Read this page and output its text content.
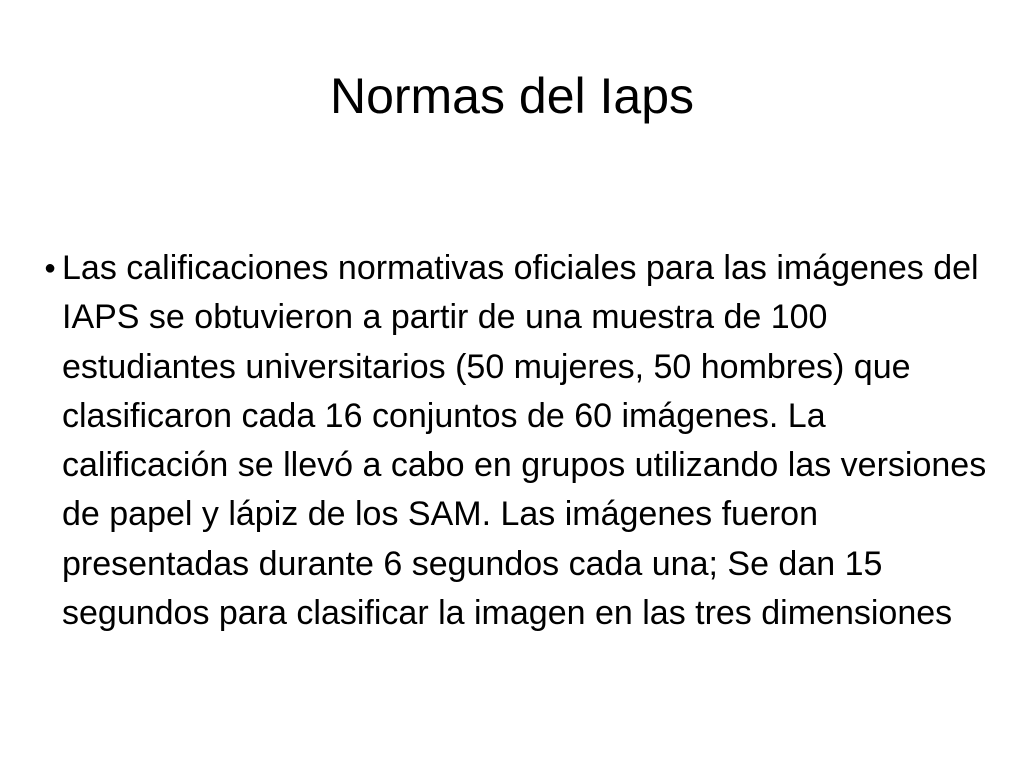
Normas del Iaps
● Las calificaciones normativas oficiales para las imágenes del IAPS se obtuvieron a partir de una muestra de 100 estudiantes universitarios (50 mujeres, 50 hombres) que clasificaron cada 16 conjuntos de 60 imágenes. La calificación se llevó a cabo en grupos utilizando las versiones de papel y lápiz de los SAM. Las imágenes fueron presentadas durante 6 segundos cada una; Se dan 15 segundos para clasificar la imagen en las tres dimensiones
